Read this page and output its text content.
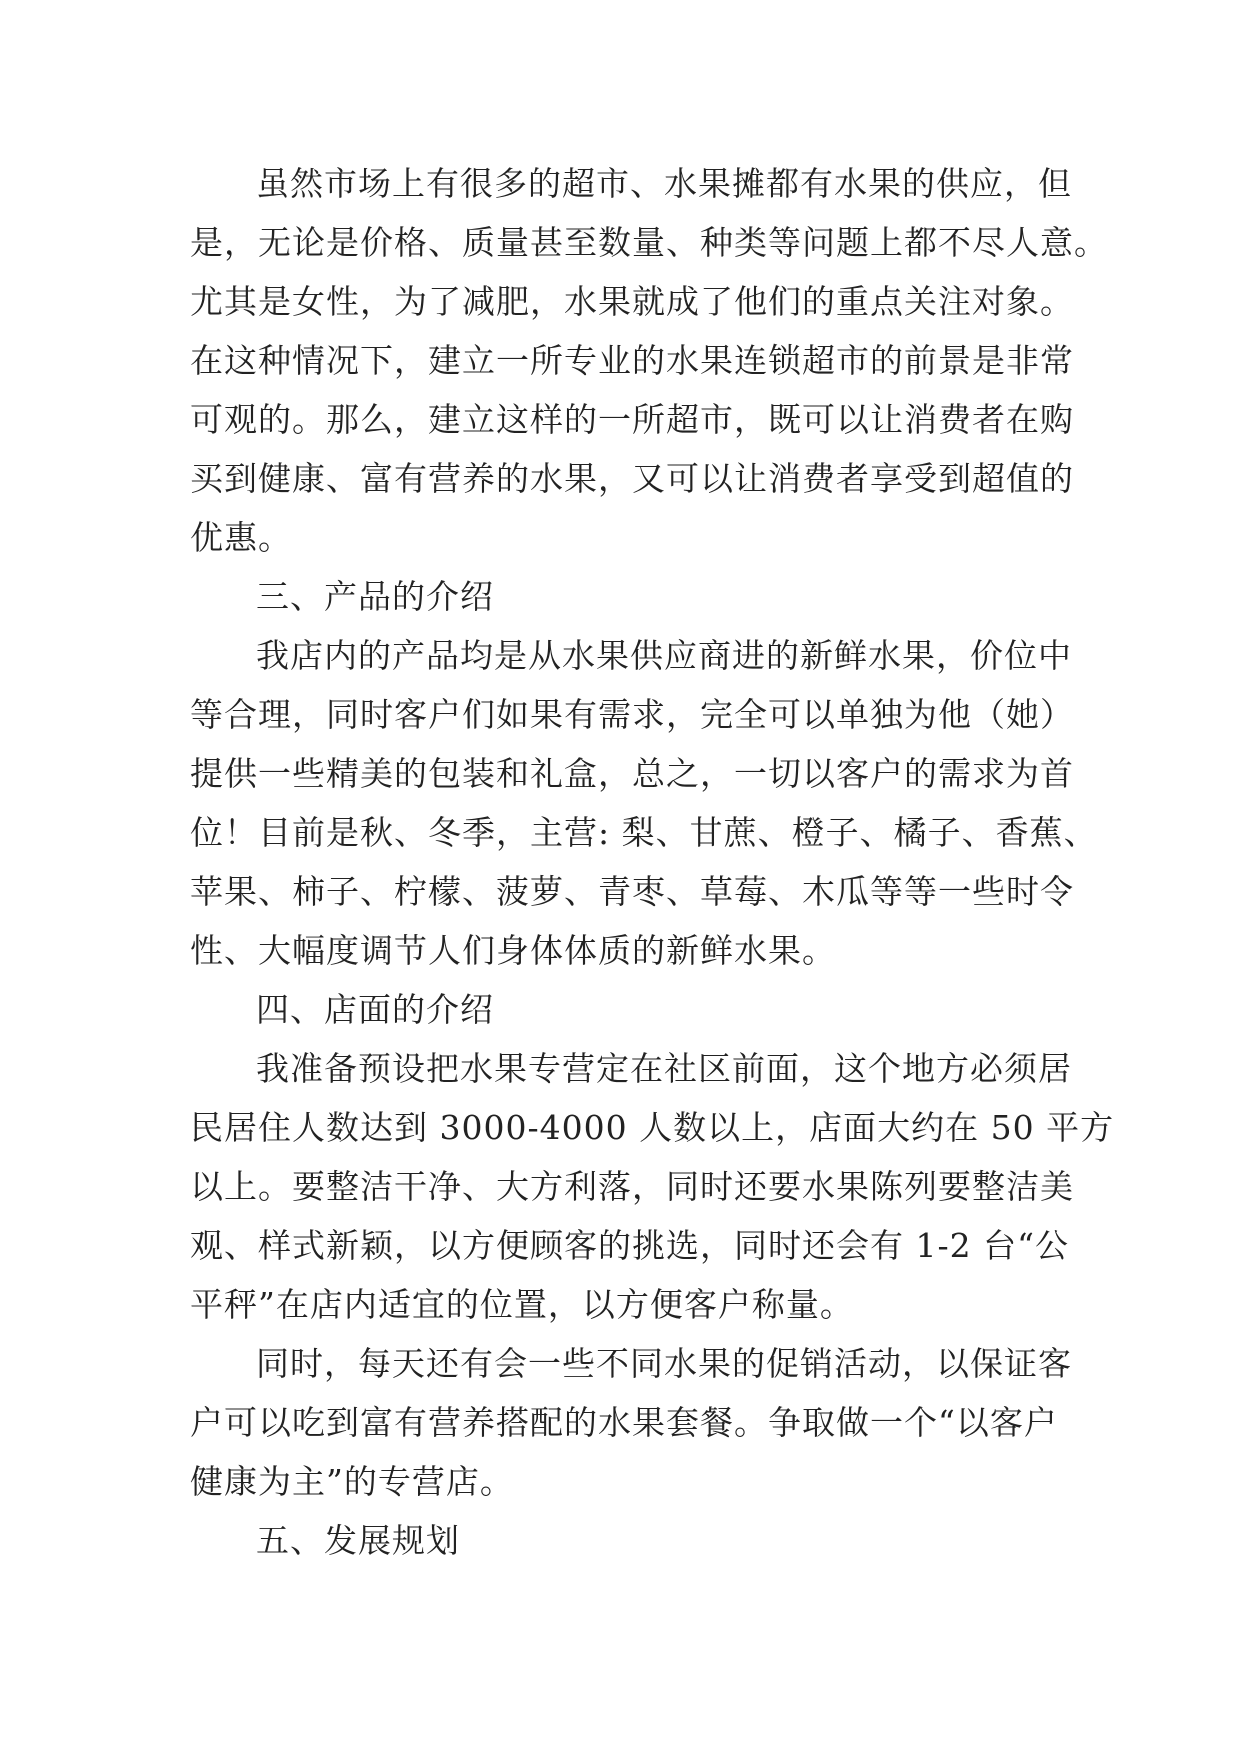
虽然市场上有很多的超市、水果摊都有水果的供应，但
是，无论是价格、质量甚至数量、种类等问题上都不尽人意。
尤其是女性，为了减肥，水果就成了他们的重点关注对象。
在这种情况下，建立一所专业的水果连锁超市的前景是非常
可观的。那么，建立这样的一所超市，既可以让消费者在购
买到健康、富有营养的水果，又可以让消费者享受到超值的
优惠。

三、产品的介绍

我店内的产品均是从水果供应商进的新鲜水果，价位中
等合理，同时客户们如果有需求，完全可以单独为他（她）
提供一些精美的包装和礼盒，总之，一切以客户的需求为首
位！目前是秋、冬季，主营: 梨、甘蔗、橙子、橘子、香蕉、
苹果、柿子、柠檬、菠萝、青枣、草莓、木瓜等等一些时令
性、大幅度调节人们身体体质的新鲜水果。

四、店面的介绍

我准备预设把水果专营定在社区前面，这个地方必须居
民居住人数达到 3000-4000 人数以上，店面大约在 50 平方
以上。要整洁干净、大方利落，同时还要水果陈列要整洁美
观、样式新颖，以方便顾客的挑选，同时还会有 1-2 台“公
平秤”在店内适宜的位置，以方便客户称量。

同时，每天还有会一些不同水果的促销活动，以保证客
户可以吃到富有营养搭配的水果套餐。争取做一个“以客户
健康为主”的专营店。

五、发展规划
